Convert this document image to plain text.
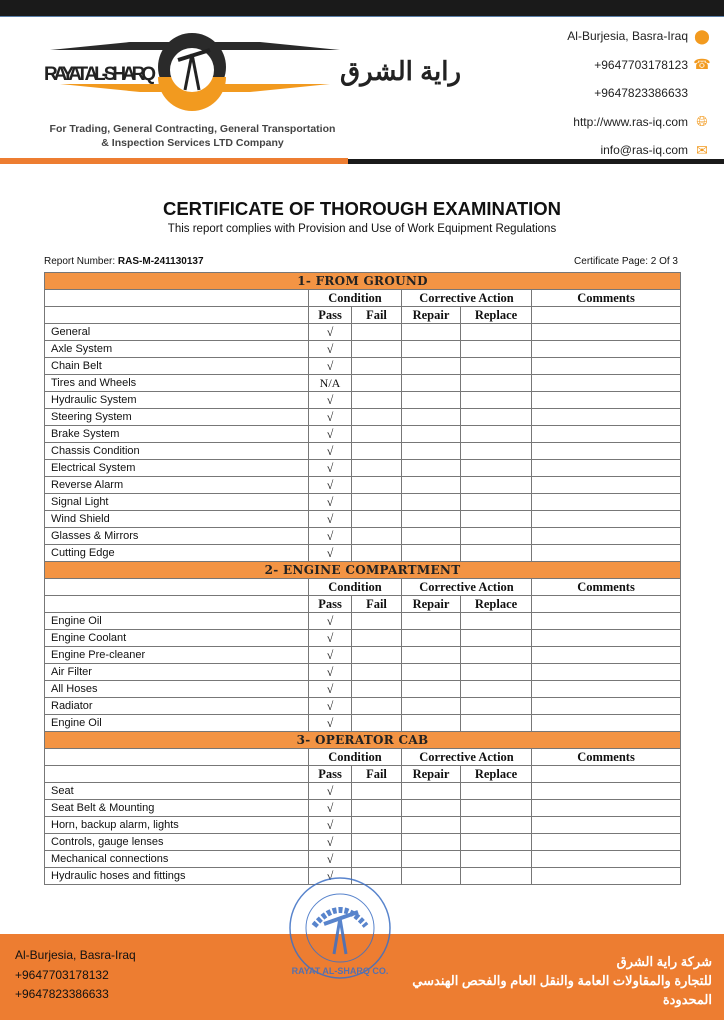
RAYAT AL-SHARQ	راية الشرق
For Trading, General Contracting, General Transportation
& Inspection Services LTD Company
Al-Burjesia, Basra-Iraq ⬤
+9647703178123 ☎
+9647823386633
http://www.ras-iq.com 🌐︎
info@ras-iq.com ✉
CERTIFICATE OF THOROUGH EXAMINATION
This report complies with Provision and Use of Work Equipment Regulations
Report Number: RAS-M-241130137	Certificate Page: 2 Of 3
1- FROM GROUND					
	Condition		Corrective Action		Comments
	Pass	Fail	Repair	Replace	
General	√				
Axle System	√				
Chain Belt	√				
Tires and Wheels	N/A				
Hydraulic System	√				
Steering System	√				
Brake System	√				
Chassis Condition	√				
Electrical System	√				
Reverse Alarm	√				
Signal Light	√				
Wind Shield	√				
Glasses & Mirrors	√				
Cutting Edge	√				
2- ENGINE COMPARTMENT					
	Condition		Corrective Action		Comments
	Pass	Fail	Repair	Replace	
Engine Oil	√				
Engine Coolant	√				
Engine Pre-cleaner	√				
Air Filter	√				
All Hoses	√				
Radiator	√				
Engine Oil	√				
3- OPERATOR CAB					
	Condition		Corrective Action		Comments
	Pass	Fail	Repair	Replace	
Seat	√				
Seat Belt & Mounting	√				
Horn, backup alarm, lights	√				
Controls, gauge lenses	√				
Mechanical connections	√				
Hydraulic hoses and fittings	√				
Al-Burjesia, Basra-Iraq
+9647703178132
+9647823386633
شركة راية الشرق
للتجارة والمقاولات العامة والنقل العام والفحص الهندسي
المحدودة
RAYAT AL-SHARQ CO.
